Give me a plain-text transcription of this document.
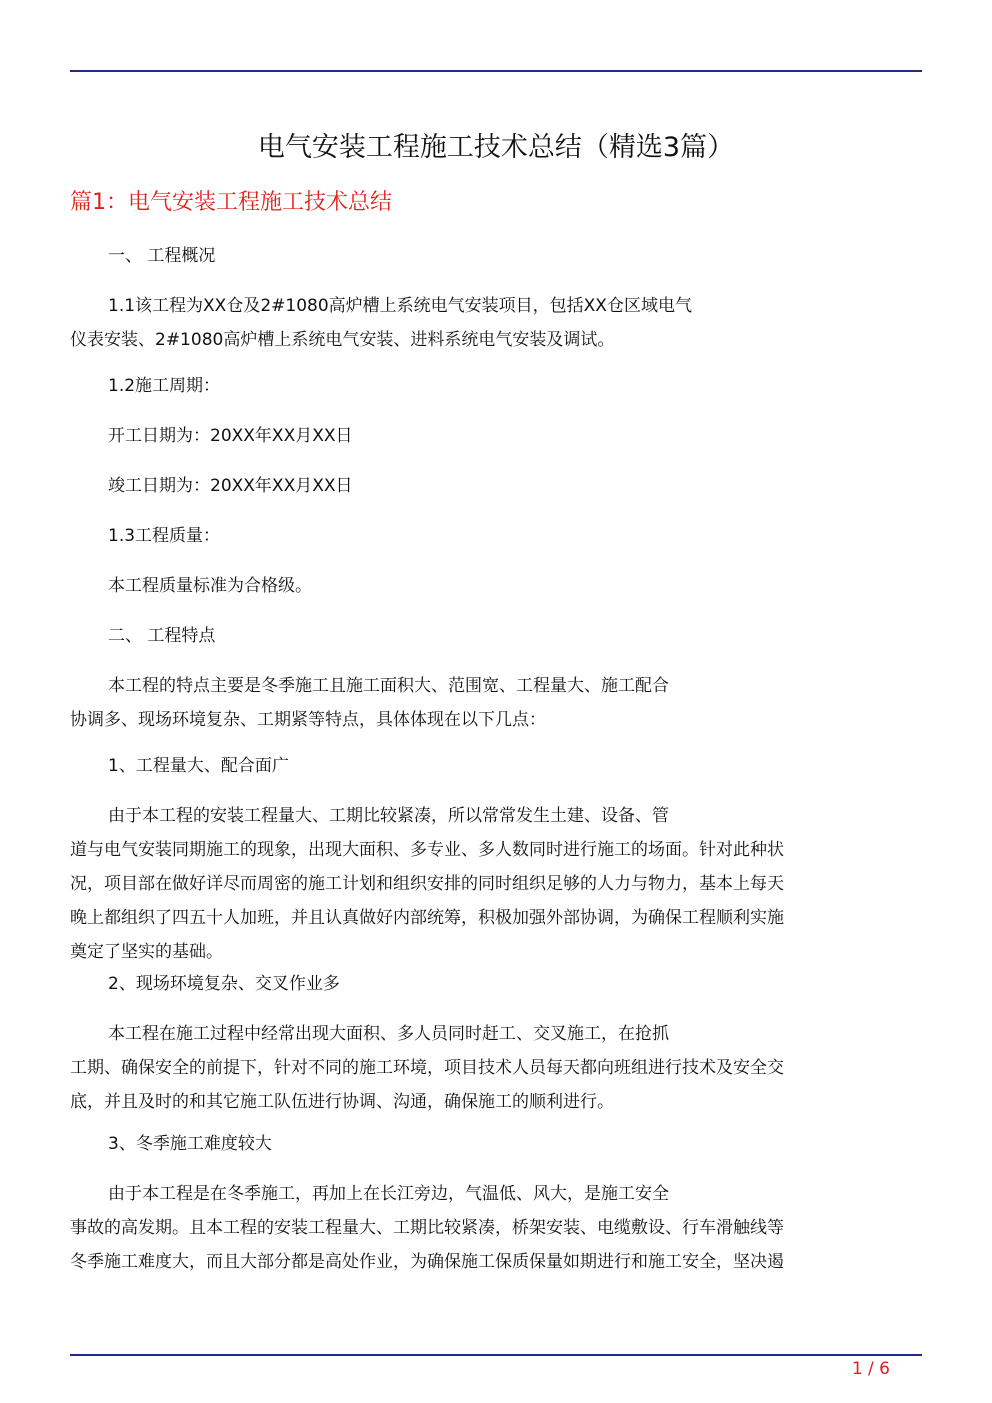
电气安装工程施工技术总结（精选3篇）
篇1：电气安装工程施工技术总结
一、 工程概况
1.1该工程为XX仓及2#1080高炉槽上系统电气安装项目，包括XX仓区域电气
仪表安装、2#1080高炉槽上系统电气安装、进料系统电气安装及调试。
1.2施工周期：
开工日期为：20XX年XX月XX日
竣工日期为：20XX年XX月XX日
1.3工程质量：
本工程质量标准为合格级。
二、 工程特点
本工程的特点主要是冬季施工且施工面积大、范围宽、工程量大、施工配合
协调多、现场环境复杂、工期紧等特点，具体体现在以下几点：
1、工程量大、配合面广
由于本工程的安装工程量大、工期比较紧凑，所以常常发生土建、设备、管
道与电气安装同期施工的现象，出现大面积、多专业、多人数同时进行施工的场面。针对此种状
况，项目部在做好详尽而周密的施工计划和组织安排的同时组织足够的人力与物力，基本上每天
晚上都组织了四五十人加班，并且认真做好内部统筹，积极加强外部协调，为确保工程顺利实施
奠定了坚实的基础。
2、现场环境复杂、交叉作业多
本工程在施工过程中经常出现大面积、多人员同时赶工、交叉施工，在抢抓
工期、确保安全的前提下，针对不同的施工环境，项目技术人员每天都向班组进行技术及安全交
底，并且及时的和其它施工队伍进行协调、沟通，确保施工的顺利进行。
3、冬季施工难度较大
由于本工程是在冬季施工，再加上在长江旁边，气温低、风大，是施工安全
事故的高发期。且本工程的安装工程量大、工期比较紧凑，桥架安装、电缆敷设、行车滑触线等
冬季施工难度大，而且大部分都是高处作业，为确保施工保质保量如期进行和施工安全，坚决遏
1 / 6
